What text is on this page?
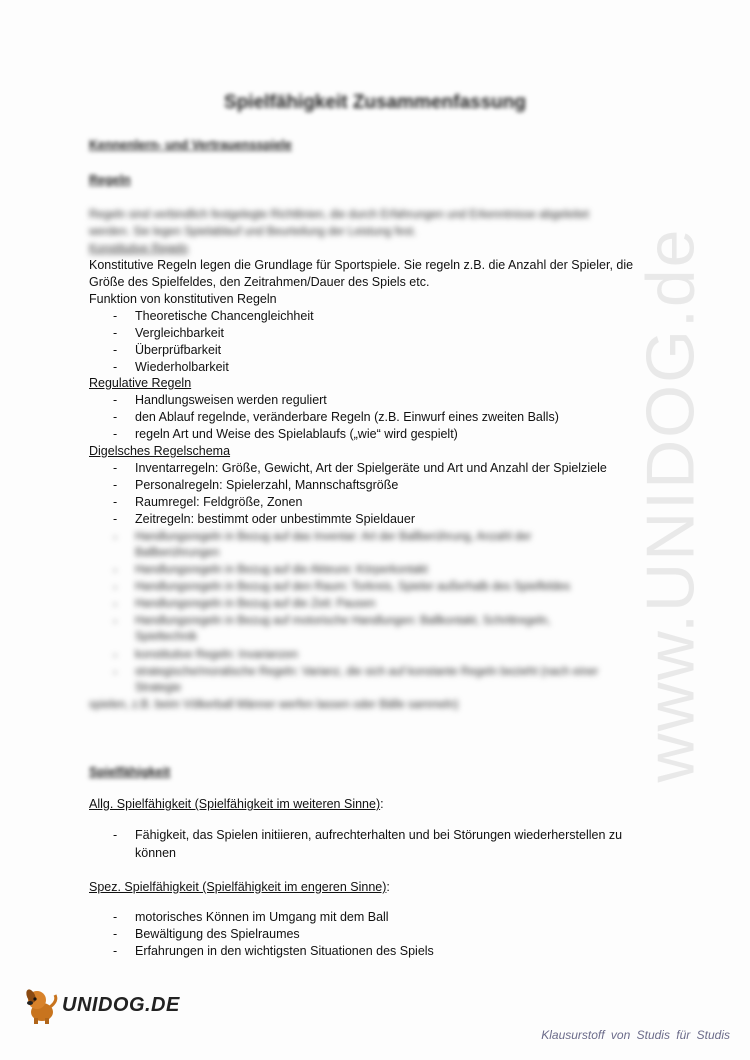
www.UNIDOG.de
Spielfähigkeit Zusammenfassung
Kennenlern- und Vertrauensspiele
Regeln
Regeln sind verbindlich festgelegte Richtlinien, die durch Erfahrungen und Erkenntnisse abgeleitet
werden. Sie legen Spielablauf und Beurteilung der Leistung fest.
Konstitutive Regeln
Konstitutive Regeln legen die Grundlage für Sportspiele. Sie regeln z.B. die Anzahl der Spieler, die
Größe des Spielfeldes, den Zeitrahmen/Dauer des Spiels etc.
Funktion von konstitutiven Regeln
- Theoretische Chancengleichheit
- Vergleichbarkeit
- Überprüfbarkeit
- Wiederholbarkeit
Regulative Regeln
- Handlungsweisen werden reguliert
- den Ablauf regelnde, veränderbare Regeln (z.B. Einwurf eines zweiten Balls)
- regeln Art und Weise des Spielablaufs („wie“ wird gespielt)
Digelsches Regelschema
- Inventarregeln: Größe, Gewicht, Art der Spielgeräte und Art und Anzahl der Spielziele
- Personalregeln: Spielerzahl, Mannschaftsgröße
- Raumregel: Feldgröße, Zonen
- Zeitregeln: bestimmt oder unbestimmte Spieldauer
- Handlungsregeln in Bezug auf das Inventar: Art der Ballberührung, Anzahl der
Ballberührungen
- Handlungsregeln in Bezug auf die Akteure: Körperkontakt
- Handlungsregeln in Bezug auf den Raum: Torkreis, Spieler außerhalb des Spielfeldes
- Handlungsregeln in Bezug auf die Zeit: Pausen
- Handlungsregeln in Bezug auf motorische Handlungen: Ballkontakt, Schrittregeln,
Spieltechnik
- konstitutive Regeln: Invarianzen
- strategische/moralische Regeln: Varianz, die sich auf konstante Regeln bezieht (nach einer
Strategie
spielen, z.B. beim Völkerball Männer werfen lassen oder Bälle sammeln)
Spielfähigkeit
Allg. Spielfähigkeit (Spielfähigkeit im weiteren Sinne):
- Fähigkeit, das Spielen initiieren, aufrechterhalten und bei Störungen wiederherstellen zu
können
Spez. Spielfähigkeit (Spielfähigkeit im engeren Sinne):
- motorisches Können im Umgang mit dem Ball
- Bewältigung des Spielraumes
- Erfahrungen in den wichtigsten Situationen des Spiels
UNIDOG.DE
Klausurstoff von Studis für Studis
